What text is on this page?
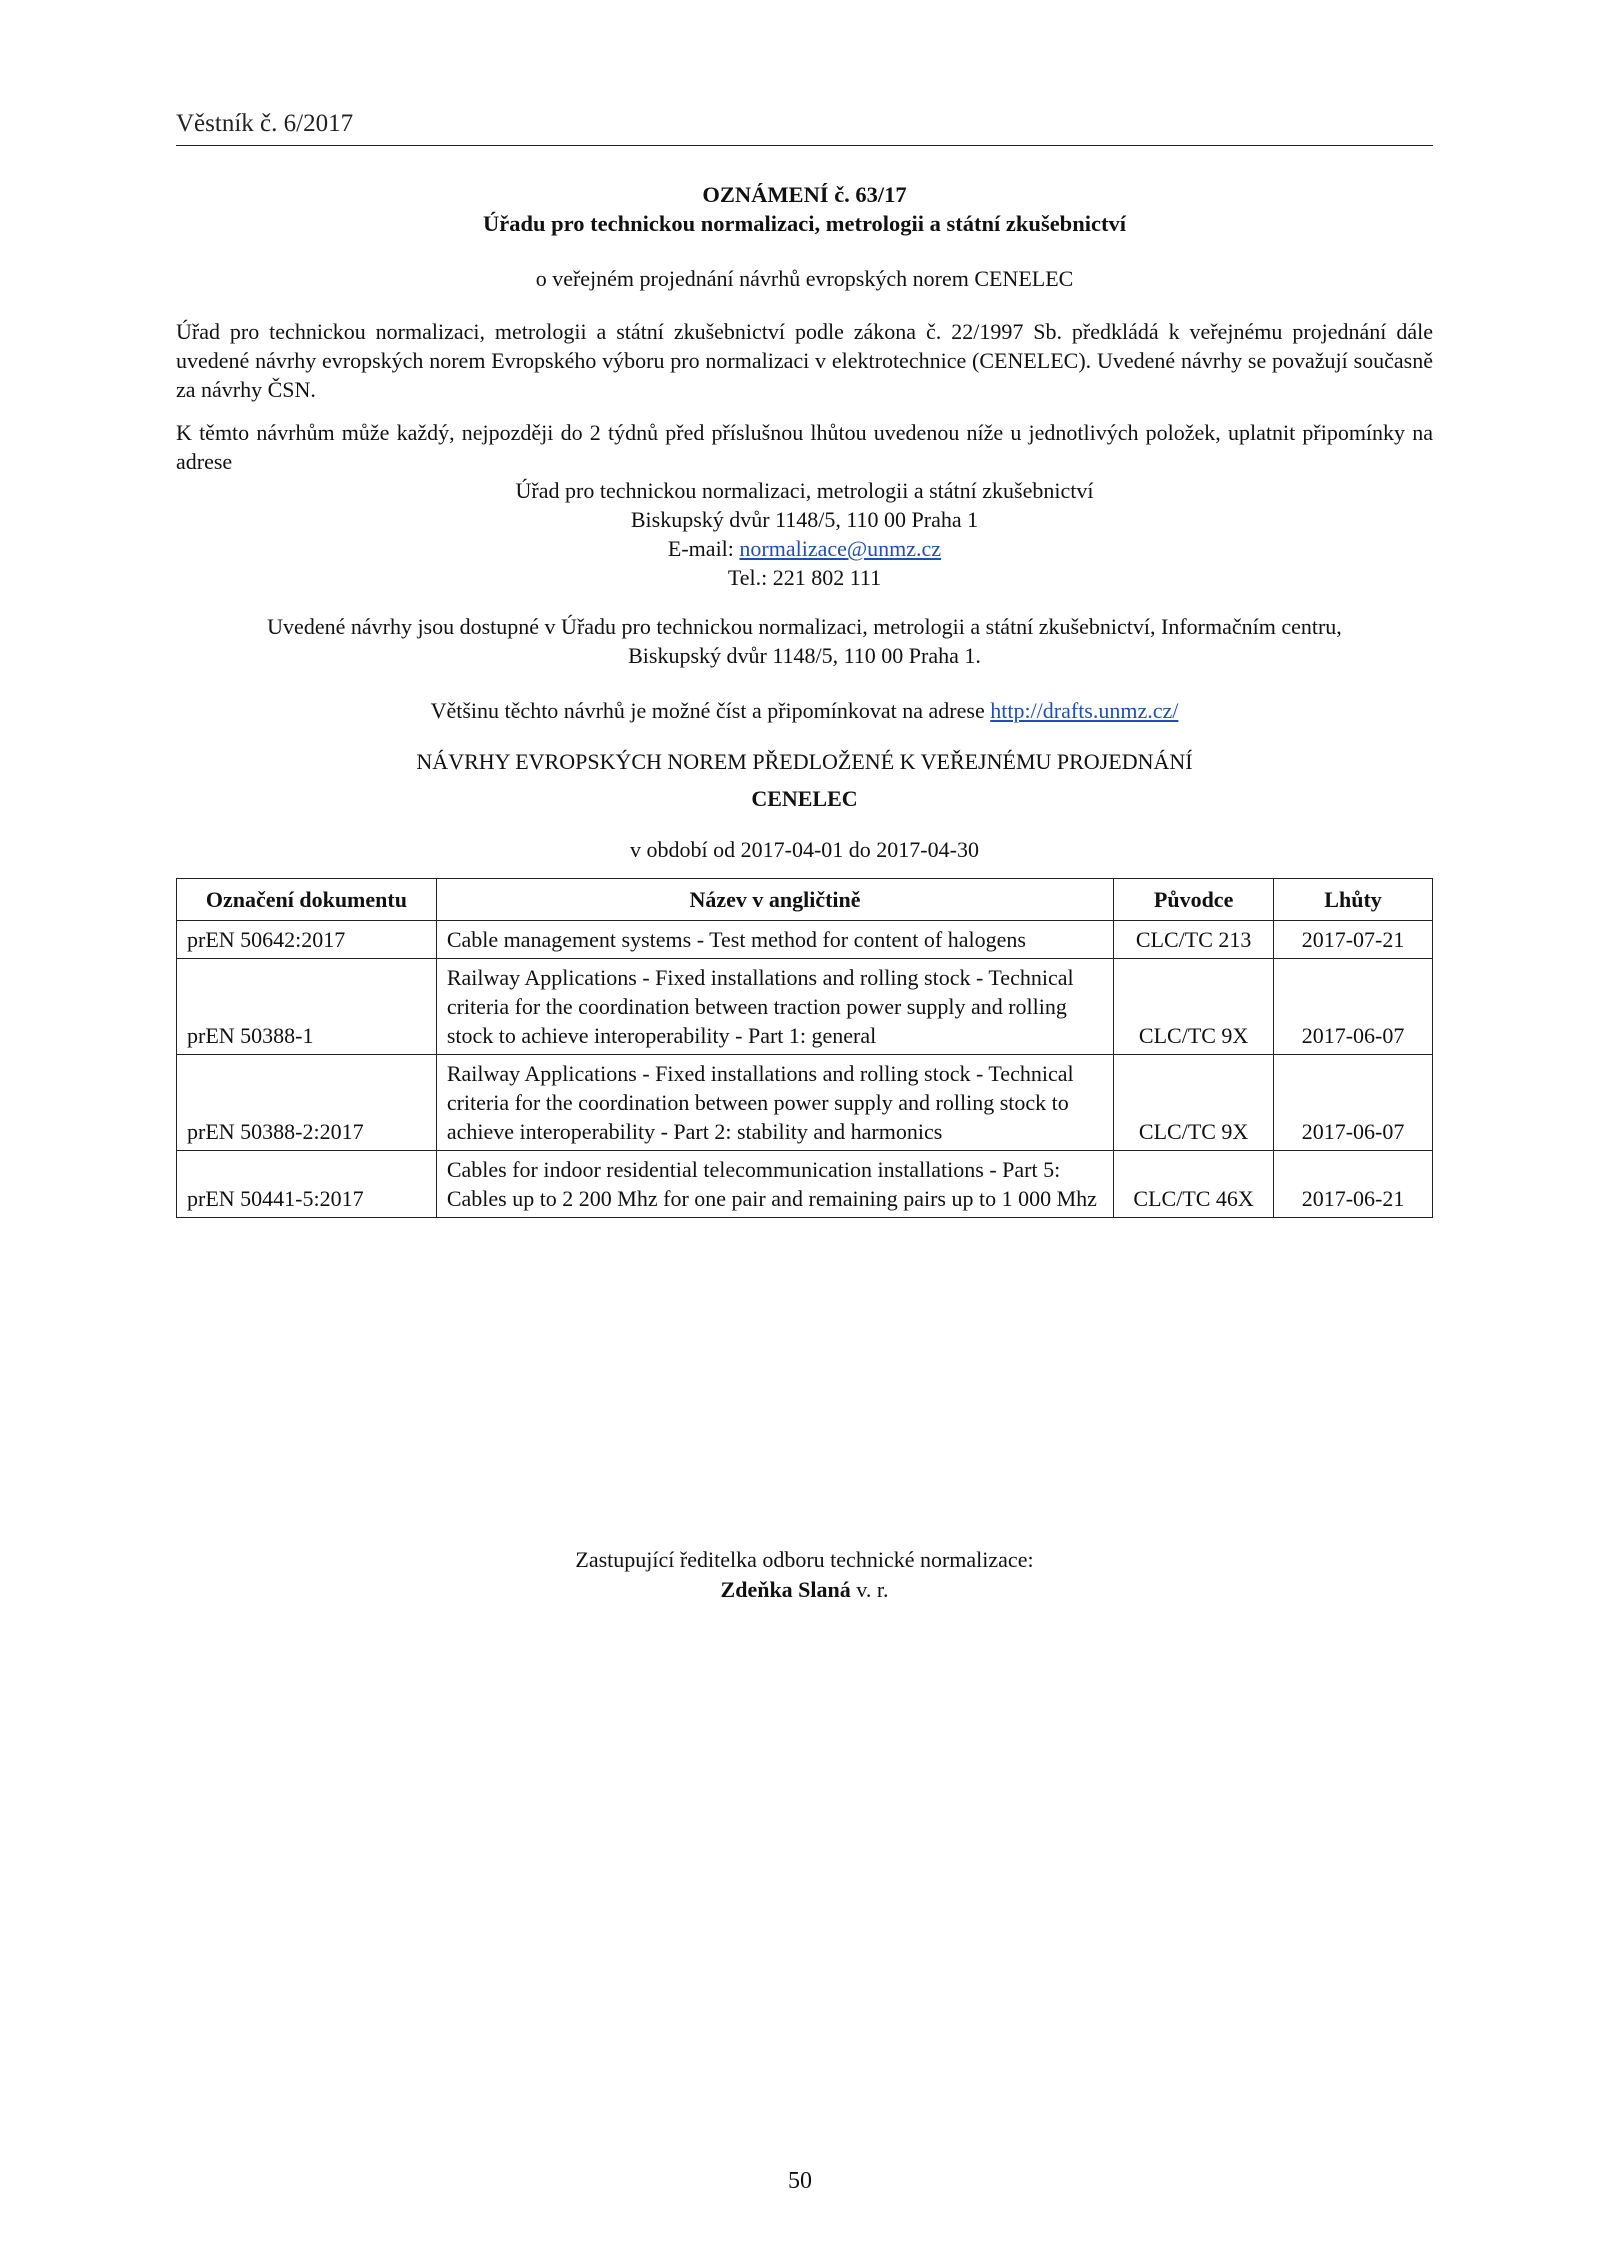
Věstník č. 6/2017

OZNÁMENÍ č. 63/17

Úřadu pro technickou normalizaci, metrologii a státní zkušebnictví

o veřejném projednání návrhů evropských norem CENELEC

Úřad pro technickou normalizaci, metrologii a státní zkušebnictví podle zákona č. 22/1997 Sb. předkládá k veřejnému projednání dále uvedené návrhy evropských norem Evropského výboru pro normalizaci v elektrotechnice (CENELEC). Uvedené návrhy se považují současně za návrhy ČSN.

K těmto návrhům může každý, nejpozději do 2 týdnů před příslušnou lhůtou uvedenou níže u jednotlivých položek, uplatnit připomínky na adrese

Úřad pro technickou normalizaci, metrologii a státní zkušebnictví

Biskupský dvůr 1148/5, 110 00 Praha 1

E-mail: normalizace@unmz.cz

Tel.: 221 802 111

Uvedené návrhy jsou dostupné v Úřadu pro technickou normalizaci, metrologii a státní zkušebnictví, Informačním centru,

Biskupský dvůr 1148/5, 110 00 Praha 1.

Většinu těchto návrhů je možné číst a připomínkovat na adrese http://drafts.unmz.cz/

NÁVRHY EVROPSKÝCH NOREM PŘEDLOŽENÉ K VEŘEJNÉMU PROJEDNÁNÍ

CENELEC

v období od 2017-04-01 do 2017-04-30

Označení dokumentu	Název v angličtině	Původce	Lhůty
prEN 50642:2017	Cable management systems - Test method for content of halogens	CLC/TC 213	2017-07-21
prEN 50388-1	Railway Applications - Fixed installations and rolling stock - Technical criteria for the coordination between traction power supply and rolling stock to achieve interoperability - Part 1: general	CLC/TC 9X	2017-06-07
prEN 50388-2:2017	Railway Applications - Fixed installations and rolling stock - Technical criteria for the coordination between power supply and rolling stock to achieve interoperability - Part 2: stability and harmonics	CLC/TC 9X	2017-06-07
prEN 50441-5:2017	Cables for indoor residential telecommunication installations - Part 5: Cables up to 2 200 Mhz for one pair and remaining pairs up to 1 000 Mhz	CLC/TC 46X	2017-06-21

Zastupující ředitelka odboru technické normalizace:

Zdeňka Slaná v. r.

50
